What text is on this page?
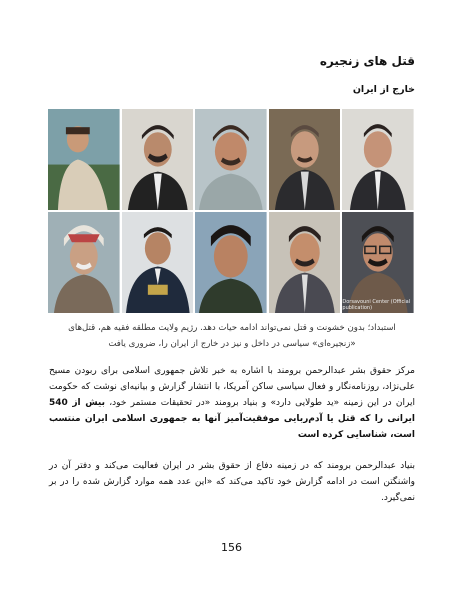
قتل های زنجیره
خارج از ایران
Dorsavouni Center (Official publication)
استبداد؛ بدون خشونت و قتل نمی‌تواند ادامه حیات دهد. رژیم ولایت مطلقه فقیه هم، قتل‌های «زنجیره‌ای» سیاسی در داخل و نیز در خارج از ایران را، ضروری یافت
مرکز حقوق بشر عبدالرحمن برومند با اشاره به خبر تلاش جمهوری اسلامی برای ربودن مسیح علی‌نژاد، روزنامه‌نگار و فعال سیاسی ساکن آمریکا، با انتشار گزارش و بیانیه‌ای نوشت که حکومت ایران در این زمینه «ید طولایی دارد» و بنیاد برومند «در تحقیقات مستمر خود، بیش از 540 ایرانی را که قتل یا آدم‌ربایی موفقیت‌آمیز آنها به جمهوری اسلامی ایران منتسب است، شناسایی کرده است
بنیاد عبدالرحمن برومند که در زمینه دفاع از حقوق بشر در ایران فعالیت می‌کند و دفتر آن در واشنگتن است در ادامه گزارش خود تاکید می‌کند که «این عدد همه موارد گزارش شده را در بر نمی‌گیرد.
156
